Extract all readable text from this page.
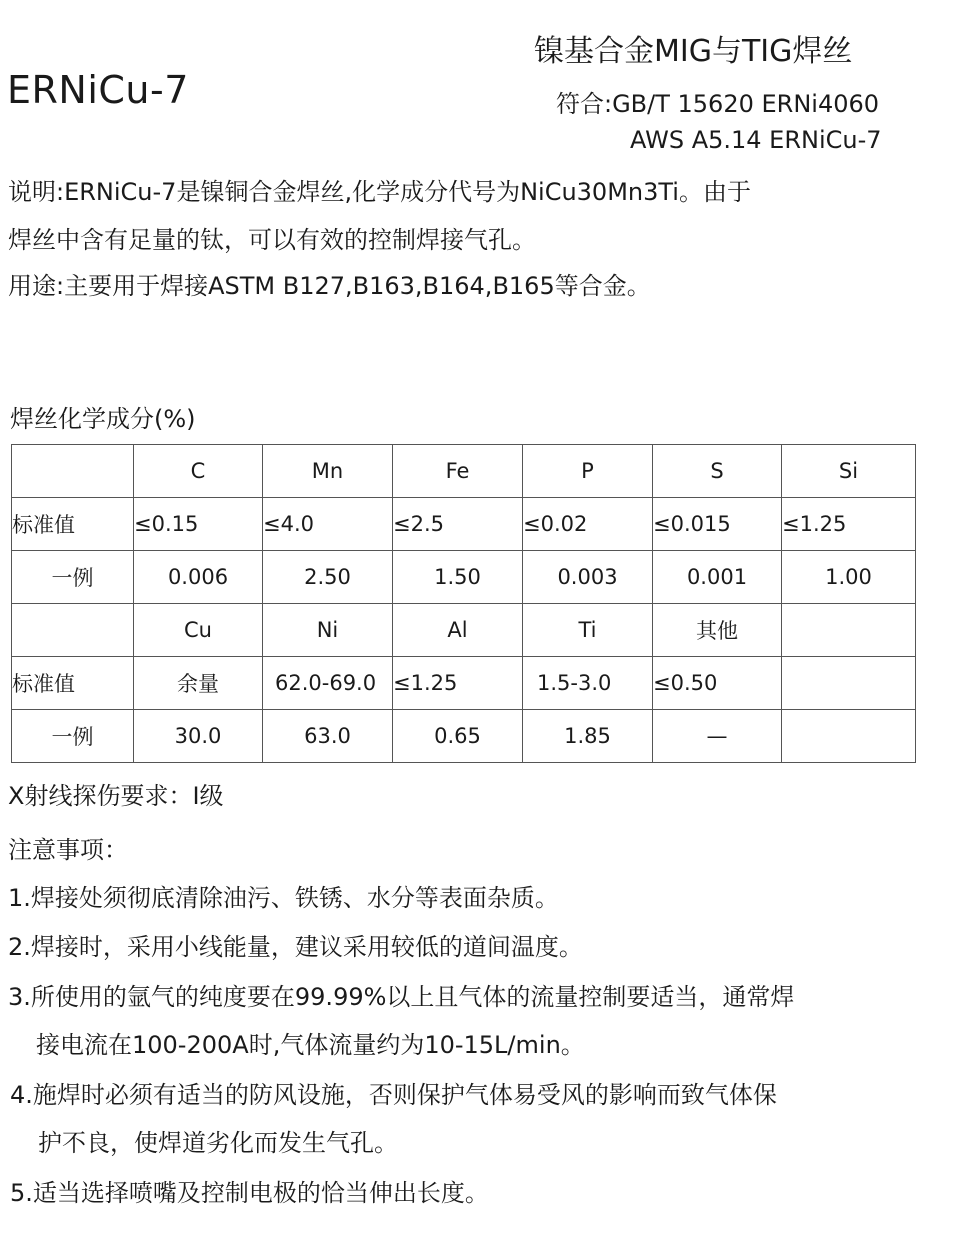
镍基合金MIG与TIG焊丝
ERNiCu-7	符合:GB/T 15620 ERNi4060
AWS A5.14 ERNiCu-7
说明:ERNiCu-7是镍铜合金焊丝,化学成分代号为NiCu30Mn3Ti。由于
焊丝中含有足量的钛，可以有效的控制焊接气孔。
用途:主要用于焊接ASTM B127,B163,B164,B165等合金。
焊丝化学成分(%)
	C	Mn	Fe	P	S	Si
标准值	≤0.15	≤4.0	≤2.5	≤0.02	≤0.015	≤1.25
一例	0.006	2.50	1.50	0.003	0.001	1.00
	Cu	Ni	Al	Ti	其他	
标准值	余量	62.0-69.0	≤1.25	1.5-3.0	≤0.50	
一例	30.0	63.0	0.65	1.85	—	
X射线探伤要求：I级
注意事项：
1.焊接处须彻底清除油污、铁锈、水分等表面杂质。
2.焊接时，采用小线能量，建议采用较低的道间温度。
3.所使用的氩气的纯度要在99.99%以上且气体的流量控制要适当，通常焊
接电流在100-200A时,气体流量约为10-15L/min。
4.施焊时必须有适当的防风设施，否则保护气体易受风的影响而致气体保
护不良，使焊道劣化而发生气孔。
5.适当选择喷嘴及控制电极的恰当伸出长度。
